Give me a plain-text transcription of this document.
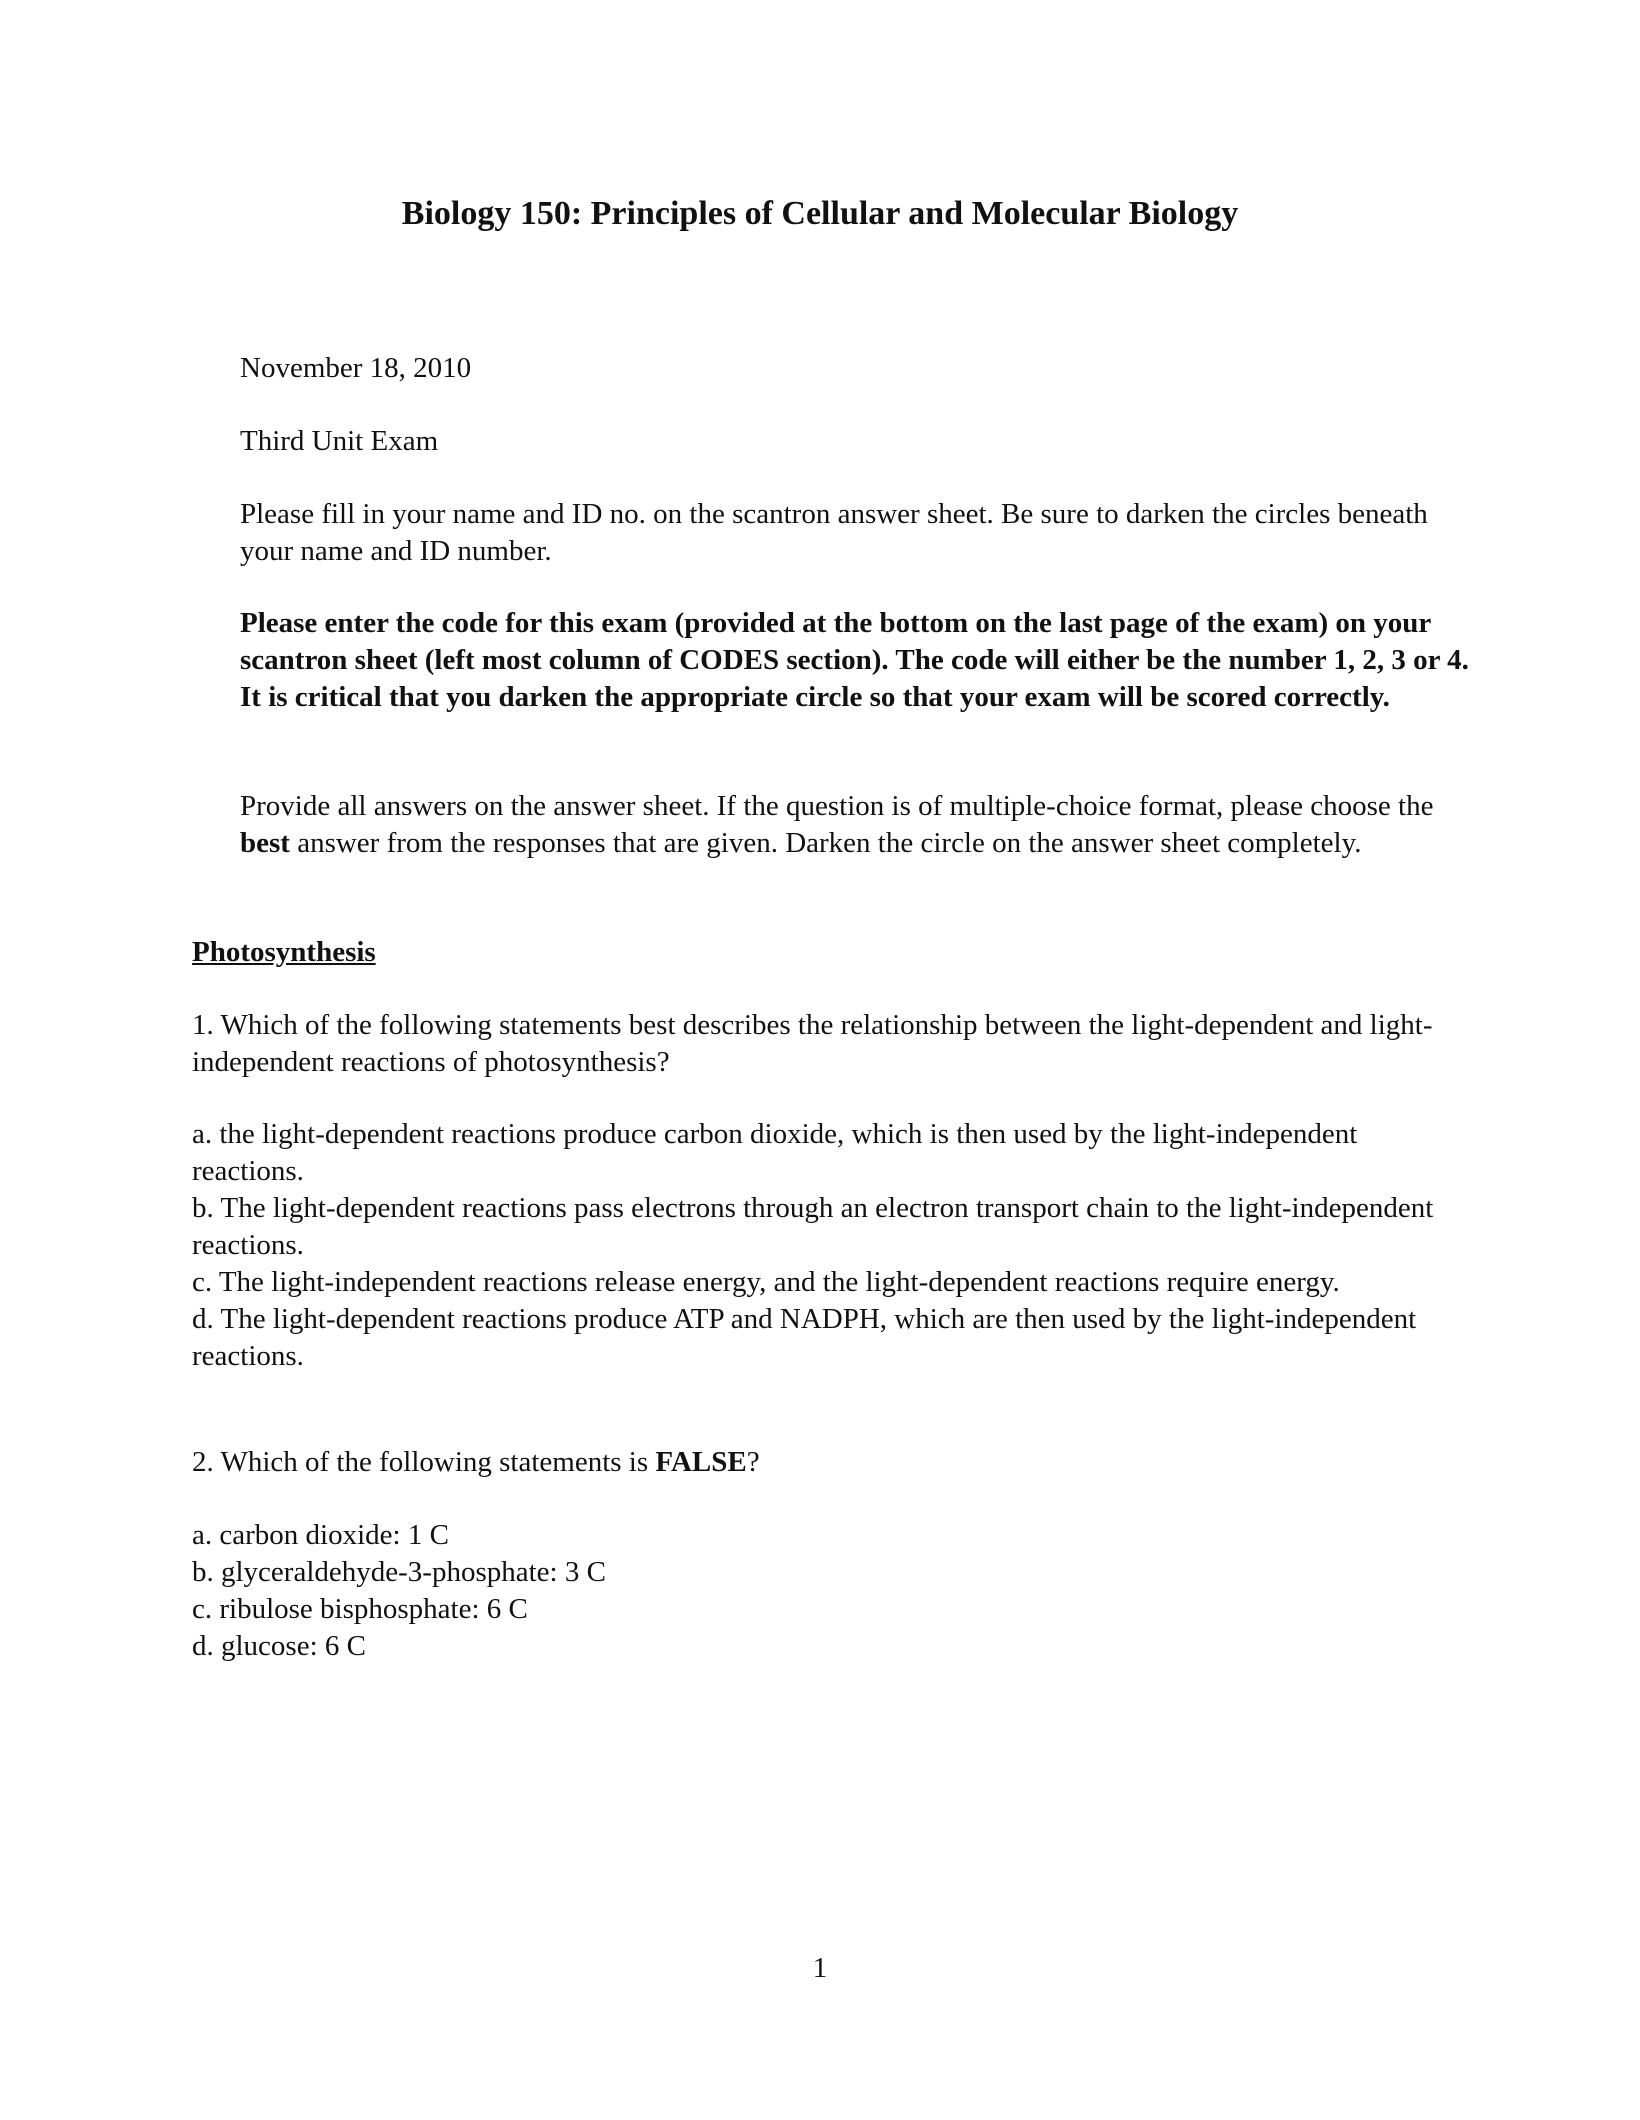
Biology 150: Principles of Cellular and Molecular Biology
November 18, 2010
Third Unit Exam

Please fill in your name and ID no. on the scantron answer sheet. Be sure to darken the circles beneath your name and ID number.

Please enter the code for this exam (provided at the bottom on the last page of the exam) on your scantron sheet (left most column of CODES section). The code will either be the number 1, 2, 3 or 4. It is critical that you darken the appropriate circle so that your exam will be scored correctly.

Provide all answers on the answer sheet. If the question is of multiple-choice format, please choose the best answer from the responses that are given. Darken the circle on the answer sheet completely.

Photosynthesis

1. Which of the following statements best describes the relationship between the light-dependent and light-independent reactions of photosynthesis?

a. the light-dependent reactions produce carbon dioxide, which is then used by the light-independent reactions.
b. The light-dependent reactions pass electrons through an electron transport chain to the light-independent reactions.
c. The light-independent reactions release energy, and the light-dependent reactions require energy.
d. The light-dependent reactions produce ATP and NADPH, which are then used by the light-independent reactions.

2. Which of the following statements is FALSE?

a. carbon dioxide: 1 C
b. glyceraldehyde-3-phosphate: 3 C
c. ribulose bisphosphate: 6 C
d. glucose: 6 C
1
